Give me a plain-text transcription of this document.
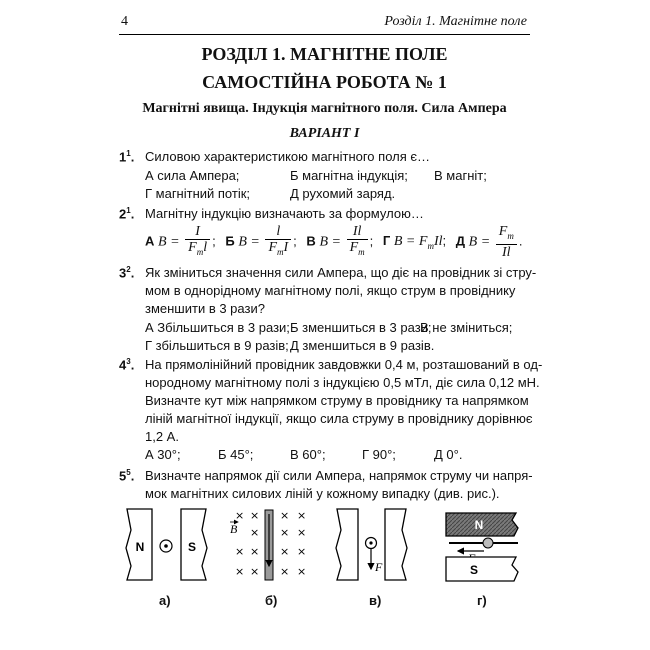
4	Розділ 1. Магнітне поле
РОЗДІЛ 1. МАГНІТНЕ ПОЛЕ
САМОСТІЙНА РОБОТА № 1
Магнітні явища. Індукція магнітного поля. Сила Ампера
ВАРІАНТ І
$1^1$. Силовою характеристикою магнітного поля є…
А сила Ампера;	Б магнітна індукція; В магніт;
Г магнітний потік;	Д рухомий заряд.
$2^1$. Магнітну індукцію визначають за формулою…
А $B = \frac{I}{F_ml}$ ; Б $B = \frac{l}{F_mI}$ ; В $B = \frac{Il}{F_m}$ ; Г $B = F_mIl$; Д $B = \frac{F_m}{Il}$ .
$3^2$. Як зміниться значення сили Ампера, що діє на провідник зі стру-
мом в однорідному магнітному полі, якщо струм в провіднику
зменшити в 3 рази?
А Збільшиться в 3 рази; Б зменшиться в 3 рази;
В не зміниться;
Г збільшиться в 9 разів; Д зменшиться в 9 разів.
$4^3$. На прямолінійний провідник завдовжки 0,4 м, розташований в од-
нородному магнітному полі з індукцією 0,5 мТл, діє сила 0,12 мН.
Визначте кут між напрямком струму в провіднику та напрямком
ліній магнітної індукції, якщо сила струму в провіднику дорівнює
1,2 А.
А 30°;	Б 45°;	В 60°;	Г 90°;	Д 0°.
$5^5$. Визначте напрямок дії сили Ампера, напрямок струму чи напря-
мок магнітних силових ліній у кожному випадку (див. рис.).
N	S
× × × ×
× × ×
× × × ×
× × × ×
B
F
N
S
а)	б)	в)	г)
